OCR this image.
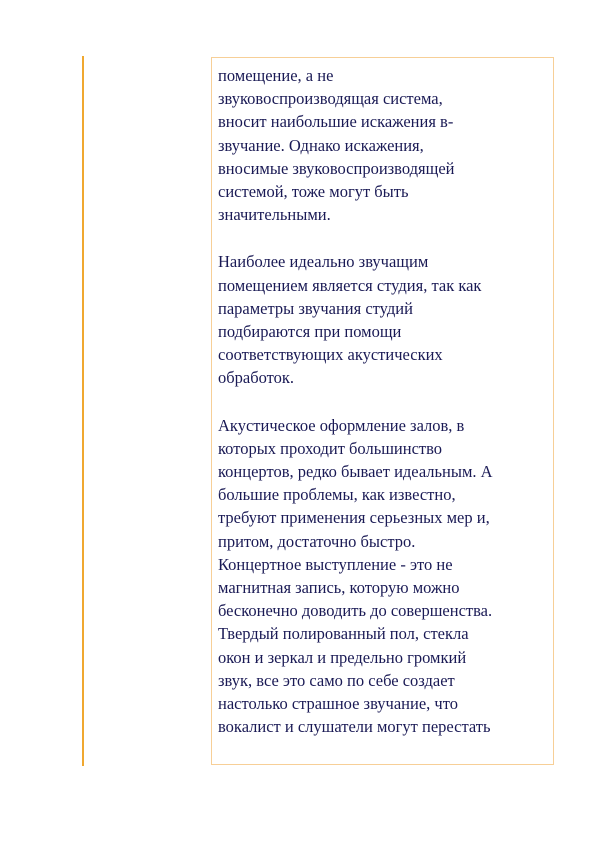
помещение, а не
звуковоспроизводящая система,
вносит наибольшие искажения в-
звучание. Однако искажения,
вносимые звуковоспроизводящей
системой, тоже могут быть
значительными.

Наиболее идеально звучащим
помещением является студия, так как
параметры звучания студий
подбираются при помощи
соответствующих акустических
обработок.

Акустическое оформление залов, в
которых проходит большинство
концертов, редко бывает идеальным. А
большие проблемы, как известно,
требуют применения серьезных мер и,
притом, достаточно быстро.
Концертное выступление - это не
магнитная запись, которую можно
бесконечно доводить до совершенства.
Твердый полированный пол, стекла
окон и зеркал и предельно громкий
звук, все это само по себе создает
настолько страшное звучание, что
вокалист и слушатели могут перестать
